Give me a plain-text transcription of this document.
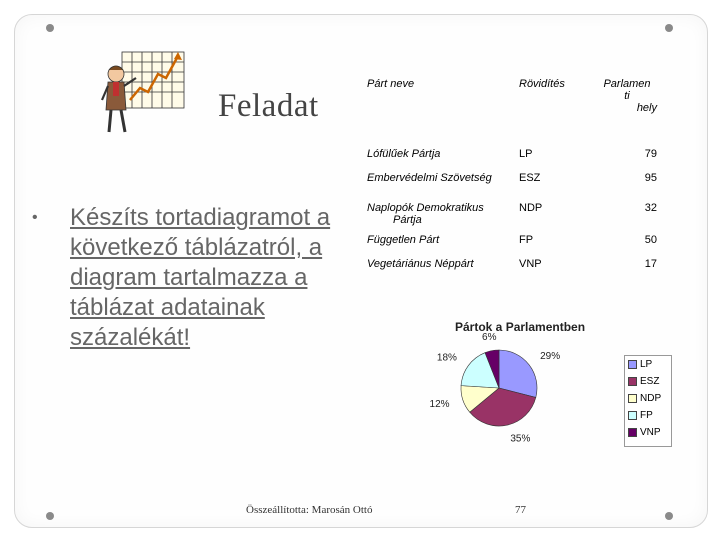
Feladat
• Készíts tortadiagramot a következő táblázatról, a diagram tartalmazza a táblázat adatainak százalékát!
Párt neve	Rövidítés	Parlamen
ti
hely

Lófülűek Pártja	LP	79
Embervédelmi Szövetség	ESZ	95

Naplopók Demokratikus
Pártja	NDP	32
Független Párt	FP	50
Vegetáriánus Néppárt	VNP	17
Pártok a Parlamentben
29%
35%
12%
18%
6%
LP
ESZ
NDP
FP
VNP
Összeállította: Marosán Ottó	77
